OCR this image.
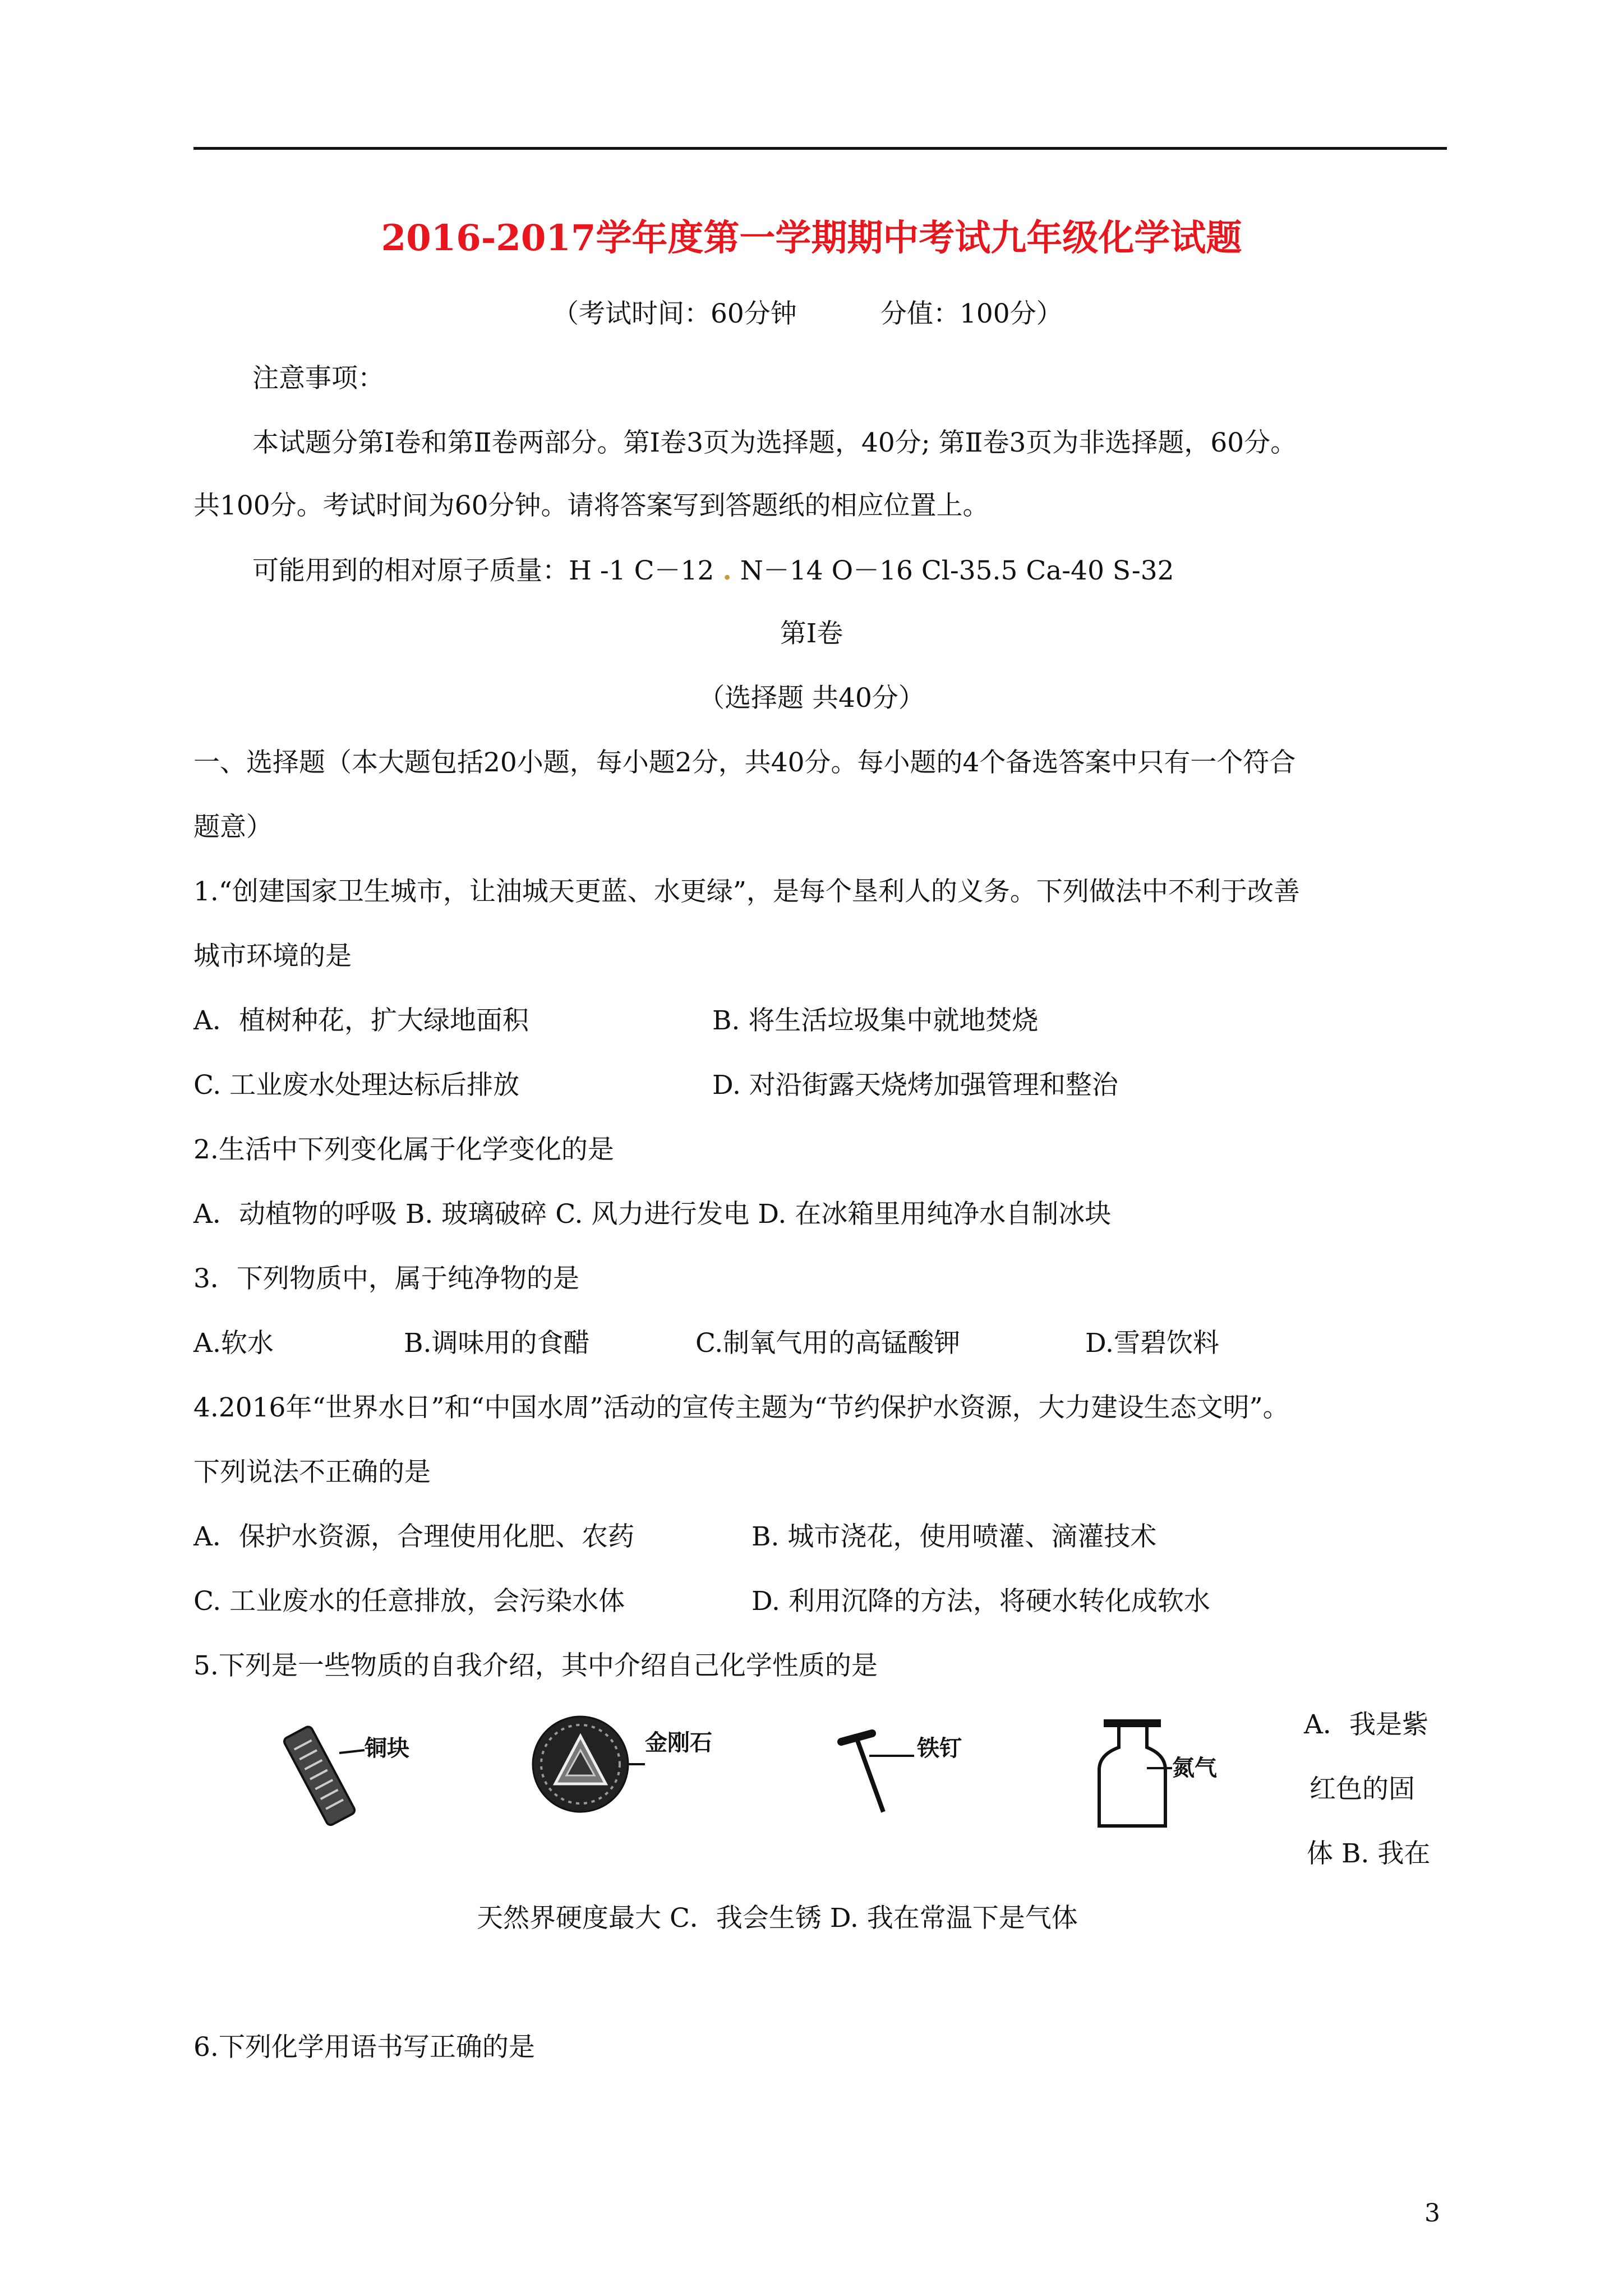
2016-2017学年度第一学期期中考试九年级化学试题
（考试时间：60分钟	分值：100分）
注意事项：
本试题分第Ⅰ卷和第Ⅱ卷两部分。第Ⅰ卷3页为选择题，40分; 第Ⅱ卷3页为非选择题，60分。
共100分。考试时间为60分钟。请将答案写到答题纸的相应位置上。
可能用到的相对原子质量：H -1 C－12 . N－14 O－16 Cl-35.5 Ca-40 S-32
第Ⅰ卷
（选择题 共40分）
一、选择题（本大题包括20小题，每小题2分，共40分。每小题的4个备选答案中只有一个符合
题意）
1.“创建国家卫生城市，让油城天更蓝、水更绿”，是每个垦利人的义务。下列做法中不利于改善
城市环境的是
A．植树种花，扩大绿地面积	B. 将生活垃圾集中就地焚烧
C. 工业废水处理达标后排放	D. 对沿街露天烧烤加强管理和整治
2.生活中下列变化属于化学变化的是
A．动植物的呼吸 B. 玻璃破碎 C. 风力进行发电 D. 在冰箱里用纯净水自制冰块
3．下列物质中，属于纯净物的是
A.软水	B.调味用的食醋	C.制氧气用的高锰酸钾	D.雪碧饮料
4.2016年“世界水日”和“中国水周”活动的宣传主题为“节约保护水资源，大力建设生态文明”。
下列说法不正确的是
A．保护水资源，合理使用化肥、农药	B. 城市浇花，使用喷灌、滴灌技术
C. 工业废水的任意排放，会污染水体	D. 利用沉降的方法，将硬水转化成软水
5.下列是一些物质的自我介绍，其中介绍自己化学性质的是
铜块	金刚石	铁钉
氮气
A．我是紫
红色的固
体 B. 我在
天然界硬度最大 C．我会生锈 D. 我在常温下是气体
6.下列化学用语书写正确的是
3
